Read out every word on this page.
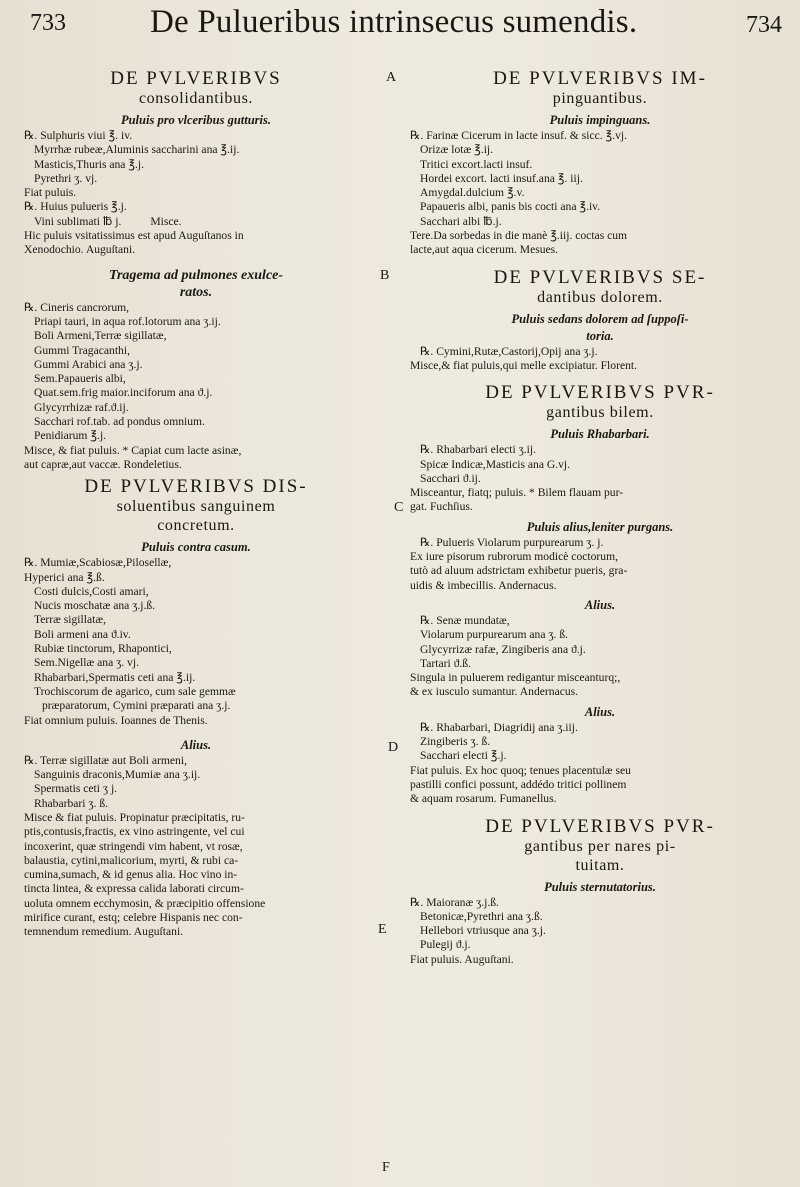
733	De Pulueribus intrinsecus sumendis.	734
A
B
C
D
E
F
DE PVLVERIBVS
consolidantibus.
Puluis pro vlceribus gutturis.
℞. Sulphuris viui ℥. iv.
Myrrhæ rubeæ,Aluminis saccharini ana ℥.ij.
Masticis,Thuris ana ℥.j.
Pyrethri ʒ. vj.
Fiat puluis.
℞. Huius pulueris ℥.j.
Vini sublimati ℔ j.          Misce.
Hic puluis vsitatissimus est apud Auguſtanos in
Xenodochio. Auguſtani.
Tragema ad pulmones exulce-
ratos.
℞. Cineris cancrorum,
Priapi tauri, in aqua rof.lotorum ana ʒ.ij.
Boli Armeni,Terræ sigillatæ,
Gummi Tragacanthi,
Gummi Arabici ana ʒ.j.
Sem.Papaueris albi,
Quat.sem.frig maior.inciforum ana ϑ.j.
Glycyrrhizæ raf.ϑ.ij.
Sacchari rof.tab. ad pondus omnium.
Penidiarum ℥.j.
Misce, & fiat puluis. * Capiat cum lacte asinæ,
aut capræ,aut vaccæ. Rondeletius.
DE PVLVERIBVS DIS-
soluentibus sanguinem
concretum.
Puluis contra casum.
℞. Mumiæ,Scabiosæ,Pilosellæ,
Hyperici ana ℥.ß.
Costi dulcis,Costi amari,
Nucis moschatæ ana ʒ.j.ß.
Terræ sigillatæ,
Boli armeni ana ϑ.iv.
Rubiæ tinctorum, Rhapontici,
Sem.Nigellæ ana ʒ. vj.
Rhabarbari,Spermatis ceti ana ℥.ij.
Trochiscorum de agarico, cum sale gemmæ
præparatorum, Cymini præparati ana ʒ.j.
Fiat omnium puluis. Ioannes de Thenis.
Alius.
℞. Terræ sigillatæ aut Boli armeni,
Sanguinis draconis,Mumiæ ana ʒ.ij.
Spermatis ceti ʒ j.
Rhabarbari ʒ. ß.
Misce & fiat puluis. Propinatur præcipitatis, ru-
ptis,contusis,fractis, ex vino astringente, vel cui
incoxerint, quæ stringendi vim habent, vt rosæ,
balaustia, cytini,malicorium, myrti, & rubi ca-
cumina,sumach, & id genus alia. Hoc vino in-
tincta lintea, & expressa calida laborati circum-
uoluta omnem ecchymosin, & præcipitio offensione
mirifice curant, estq; celebre Hispanis nec con-
temnendum remedium. Auguſtani.
DE PVLVERIBVS IM-
pinguantibus.
Puluis impinguans.
℞. Farinæ Cicerum in lacte insuf. & sicc. ℥.vj.
Orizæ lotæ ℥.ij.
Tritici excort.lacti insuf.
Hordei excort. lacti insuf.ana ℥. iij.
Amygdal.dulcium ℥.v.
Papaueris albi, panis bis cocti ana ℥.iv.
Sacchari albi ℔.j.
Tere.Da sorbedas in die manè ℥.iij. coctas cum
lacte,aut aqua cicerum. Mesues.
DE PVLVERIBVS SE-
dantibus dolorem.
Puluis sedans dolorem ad ſuppoſi-
toria.
℞. Cymini,Rutæ,Castorij,Opij ana ʒ.j.
Misce,& fiat puluis,qui melle excipiatur. Florent.
DE PVLVERIBVS PVR-
gantibus bilem.
Puluis Rhabarbari.
℞. Rhabarbari electi ʒ.ij.
Spicæ Indicæ,Masticis ana G.vj.
Sacchari ϑ.ij.
Misceantur, fiatq; puluis. * Bilem flauam pur-
gat. Fuchſius.
Puluis alius,leniter purgans.
℞. Pulueris Violarum purpurearum ʒ. j.
Ex iure pisorum rubrorum modicè coctorum,
tutò ad aluum adstrictam exhibetur pueris, gra-
uidis & imbecillis. Andernacus.
Alius.
℞. Senæ mundatæ,
Violarum purpurearum ana ʒ. ß.
Glycyrrizæ rafæ, Zingiberis ana ϑ.j.
Tartari ϑ.ß.
Singula in puluerem redigantur misceanturq;,
& ex iusculo sumantur. Andernacus.
Alius.
℞. Rhabarbari, Diagridij ana ʒ.iij.
Zingiberis ʒ. ß.
Sacchari electi ℥.j.
Fiat puluis. Ex hoc quoq; tenues placentulæ seu
pastilli confici possunt, addédo tritici pollinem
& aquam rosarum. Fumanellus.
DE PVLVERIBVS PVR-
gantibus per nares pi-
tuitam.
Puluis sternutatorius.
℞. Maioranæ ʒ.j.ß.
Betonicæ,Pyrethri ana ʒ.ß.
Hellebori vtriusque ana ʒ.j.
Pulegij ϑ.j.
Fiat puluis. Auguſtani.
